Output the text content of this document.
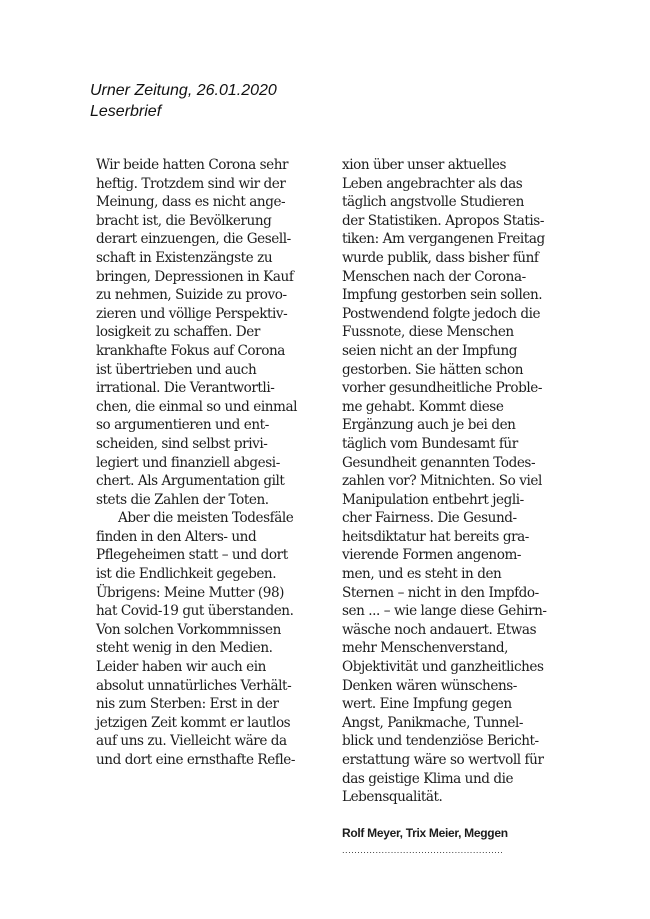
Urner Zeitung, 26.01.2020
Leserbrief
Wir beide hatten Corona sehr
heftig. Trotzdem sind wir der
Meinung, dass es nicht ange-
bracht ist, die Bevölkerung
derart einzuengen, die Gesell-
schaft in Existenzängste zu
bringen, Depressionen in Kauf
zu nehmen, Suizide zu provo-
zieren und völlige Perspektiv-
losigkeit zu schaffen. Der
krankhafte Fokus auf Corona
ist übertrieben und auch
irrational. Die Verantwortli-
chen, die einmal so und einmal
so argumentieren und ent-
scheiden, sind selbst privi-
legiert und finanziell abgesi-
chert. Als Argumentation gilt
stets die Zahlen der Toten.
Aber die meisten Todesfäle
finden in den Alters- und
Pflegeheimen statt – und dort
ist die Endlichkeit gegeben.
Übrigens: Meine Mutter (98)
hat Covid-19 gut überstanden.
Von solchen Vorkommnissen
steht wenig in den Medien.
Leider haben wir auch ein
absolut unnatürliches Verhält-
nis zum Sterben: Erst in der
jetzigen Zeit kommt er lautlos
auf uns zu. Vielleicht wäre da
und dort eine ernsthafte Refle-
xion über unser aktuelles
Leben angebrachter als das
täglich angstvolle Studieren
der Statistiken. Apropos Statis-
tiken: Am vergangenen Freitag
wurde publik, dass bisher fünf
Menschen nach der Corona-
Impfung gestorben sein sollen.
Postwendend folgte jedoch die
Fussnote, diese Menschen
seien nicht an der Impfung
gestorben. Sie hätten schon
vorher gesundheitliche Proble-
me gehabt. Kommt diese
Ergänzung auch je bei den
täglich vom Bundesamt für
Gesundheit genannten Todes-
zahlen vor? Mitnichten. So viel
Manipulation entbehrt jegli-
cher Fairness. Die Gesund-
heitsdiktatur hat bereits gra-
vierende Formen angenom-
men, und es steht in den
Sternen – nicht in den Impfdo-
sen ... – wie lange diese Gehirn-
wäsche noch andauert. Etwas
mehr Menschenverstand,
Objektivität und ganzheitliches
Denken wären wünschens-
wert. Eine Impfung gegen
Angst, Panikmache, Tunnel-
blick und tendenziöse Bericht-
erstattung wäre so wertvoll für
das geistige Klima und die
Lebensqualität.
Rolf Meyer, Trix Meier, Meggen
.....................................................
